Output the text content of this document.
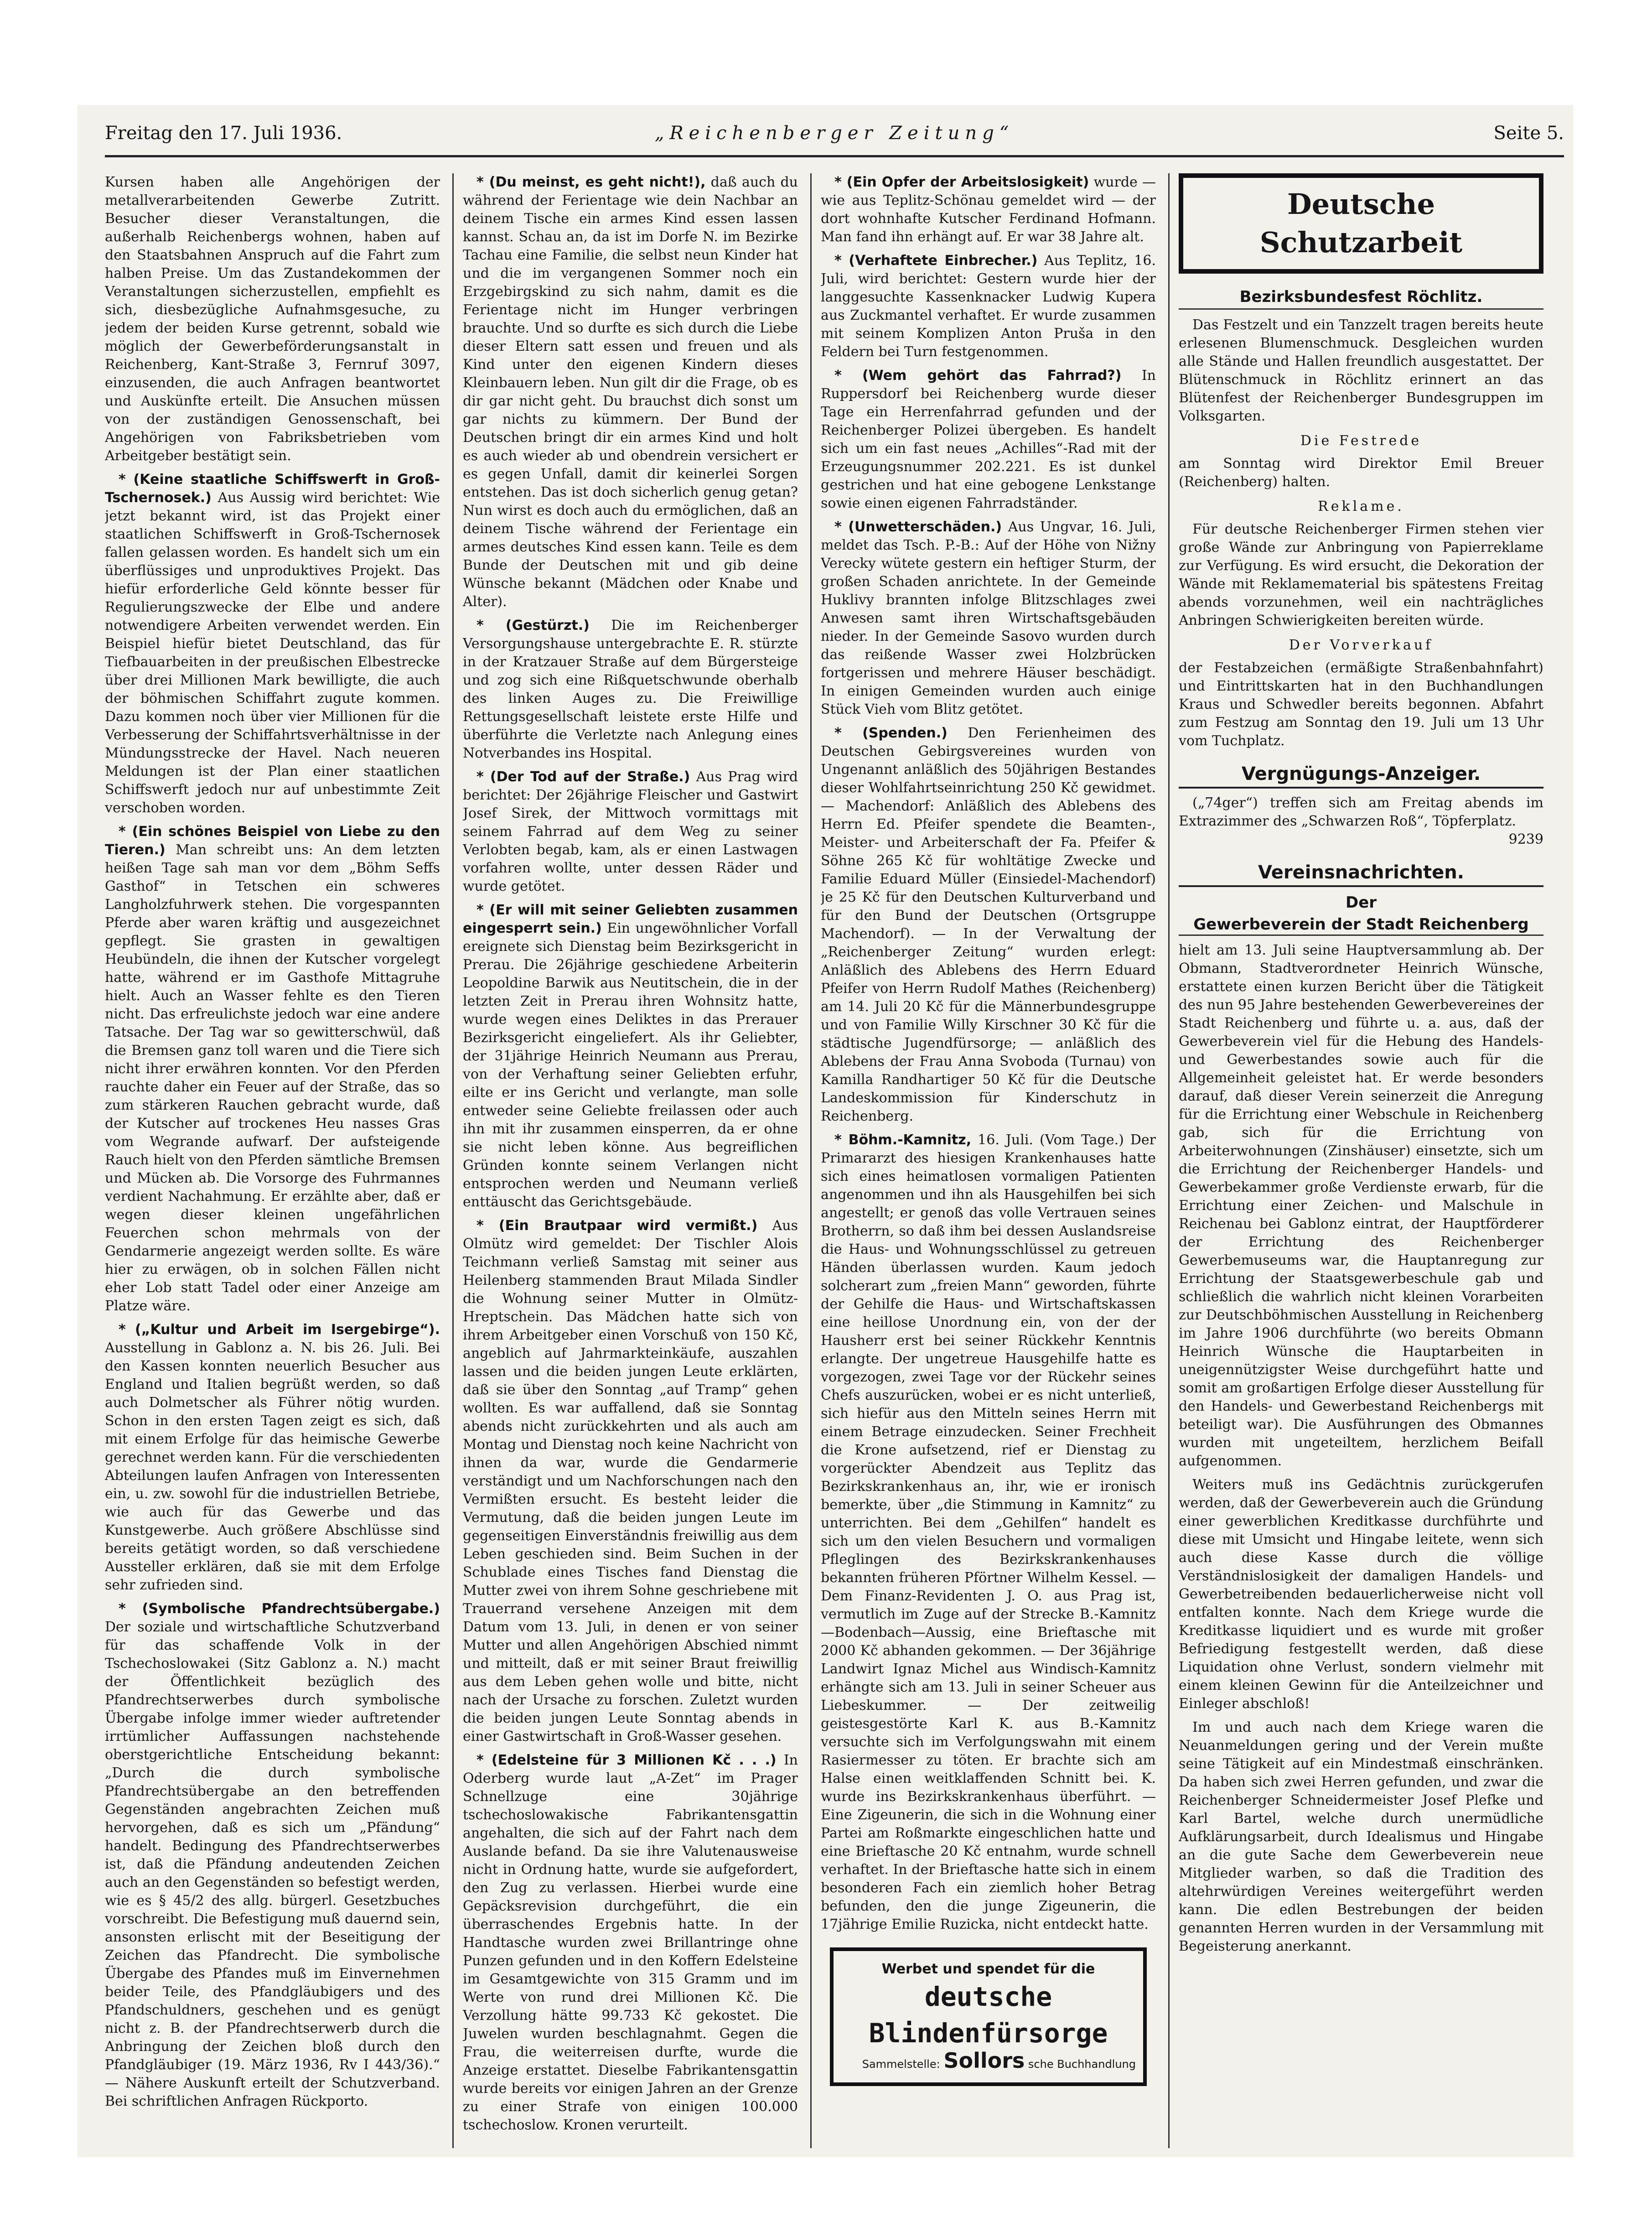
Freitag den 17. Juli 1936.	„Reichenberger Zeitung“	Seite 5.

Kursen haben alle Angehörigen der metallverarbeitenden Gewerbe Zutritt. Besucher dieser Veranstaltungen, die außerhalb Reichenbergs wohnen, haben auf den Staatsbahnen Anspruch auf die Fahrt zum halben Preise. Um das Zustandekommen der Veranstaltungen sicherzustellen, empfiehlt es sich, diesbezügliche Aufnahmsgesuche, zu jedem der beiden Kurse getrennt, sobald wie möglich der Gewerbeförderungsanstalt in Reichenberg, Kant-Straße 3, Fernruf 3097, einzusenden, die auch Anfragen beantwortet und Auskünfte erteilt. Die Ansuchen müssen von der zuständigen Genossenschaft, bei Angehörigen von Fabriksbetrieben vom Arbeitgeber bestätigt sein.

* (Keine staatliche Schiffswerft in Groß-Tschernosek.) Aus Aussig wird berichtet: Wie jetzt bekannt wird, ist das Projekt einer staatlichen Schiffswerft in Groß-Tschernosek fallen gelassen worden. Es handelt sich um ein überflüssiges und unproduktives Projekt. Das hiefür erforderliche Geld könnte besser für Regulierungszwecke der Elbe und andere notwendigere Arbeiten verwendet werden. Ein Beispiel hiefür bietet Deutschland, das für Tiefbauarbeiten in der preußischen Elbestrecke über drei Millionen Mark bewilligte, die auch der böhmischen Schiffahrt zugute kommen. Dazu kommen noch über vier Millionen für die Verbesserung der Schiffahrtsverhältnisse in der Mündungsstrecke der Havel. Nach neueren Meldungen ist der Plan einer staatlichen Schiffswerft jedoch nur auf unbestimmte Zeit verschoben worden.

* (Ein schönes Beispiel von Liebe zu den Tieren.) Man schreibt uns: An dem letzten heißen Tage sah man vor dem „Böhm Seffs Gasthof“ in Tetschen ein schweres Langholzfuhrwerk stehen. Die vorgespannten Pferde aber waren kräftig und ausgezeichnet gepflegt. Sie grasten in gewaltigen Heubündeln, die ihnen der Kutscher vorgelegt hatte, während er im Gasthofe Mittagruhe hielt. Auch an Wasser fehlte es den Tieren nicht. Das erfreulichste jedoch war eine andere Tatsache. Der Tag war so gewitterschwül, daß die Bremsen ganz toll waren und die Tiere sich nicht ihrer erwähren konnten. Vor den Pferden rauchte daher ein Feuer auf der Straße, das so zum stärkeren Rauchen gebracht wurde, daß der Kutscher auf trockenes Heu nasses Gras vom Wegrande aufwarf. Der aufsteigende Rauch hielt von den Pferden sämtliche Bremsen und Mücken ab. Die Vorsorge des Fuhrmannes verdient Nachahmung. Er erzählte aber, daß er wegen dieser kleinen ungefährlichen Feuerchen schon mehrmals von der Gendarmerie angezeigt werden sollte. Es wäre hier zu erwägen, ob in solchen Fällen nicht eher Lob statt Tadel oder einer Anzeige am Platze wäre.

* („Kultur und Arbeit im Isergebirge“). Ausstellung in Gablonz a. N. bis 26. Juli. Bei den Kassen konnten neuerlich Besucher aus England und Italien begrüßt werden, so daß auch Dolmetscher als Führer nötig wurden. Schon in den ersten Tagen zeigt es sich, daß mit einem Erfolge für das heimische Gewerbe gerechnet werden kann. Für die verschiedenten Abteilungen laufen Anfragen von Interessenten ein, u. zw. sowohl für die industriellen Betriebe, wie auch für das Gewerbe und das Kunstgewerbe. Auch größere Abschlüsse sind bereits getätigt worden, so daß verschiedene Aussteller erklären, daß sie mit dem Erfolge sehr zufrieden sind.

* (Symbolische Pfandrechtsübergabe.) Der soziale und wirtschaftliche Schutzverband für das schaffende Volk in der Tschechoslowakei (Sitz Gablonz a. N.) macht der Öffentlichkeit bezüglich des Pfandrechtserwerbes durch symbolische Übergabe infolge immer wieder auftretender irrtümlicher Auffassungen nachstehende oberstgerichtliche Entscheidung bekannt: „Durch die durch symbolische Pfandrechtsübergabe an den betreffenden Gegenständen angebrachten Zeichen muß hervorgehen, daß es sich um „Pfändung“ handelt. Bedingung des Pfandrechtserwerbes ist, daß die Pfändung andeutenden Zeichen auch an den Gegenständen so befestigt werden, wie es § 45/2 des allg. bürgerl. Gesetzbuches vorschreibt. Die Befestigung muß dauernd sein, ansonsten erlischt mit der Beseitigung der Zeichen das Pfandrecht. Die symbolische Übergabe des Pfandes muß im Einvernehmen beider Teile, des Pfandgläubigers und des Pfandschuldners, geschehen und es genügt nicht z. B. der Pfandrechtserwerb durch die Anbringung der Zeichen bloß durch den Pfandgläubiger (19. März 1936, Rv I 443/36).“ — Nähere Auskunft erteilt der Schutzverband. Bei schriftlichen Anfragen Rückporto.

* (Du meinst, es geht nicht!), daß auch du während der Ferientage wie dein Nachbar an deinem Tische ein armes Kind essen lassen kannst. Schau an, da ist im Dorfe N. im Bezirke Tachau eine Familie, die selbst neun Kinder hat und die im vergangenen Sommer noch ein Erzgebirgskind zu sich nahm, damit es die Ferientage nicht im Hunger verbringen brauchte. Und so durfte es sich durch die Liebe dieser Eltern satt essen und freuen und als Kind unter den eigenen Kindern dieses Kleinbauern leben. Nun gilt dir die Frage, ob es dir gar nicht geht. Du brauchst dich sonst um gar nichts zu kümmern. Der Bund der Deutschen bringt dir ein armes Kind und holt es auch wieder ab und obendrein versichert er es gegen Unfall, damit dir keinerlei Sorgen entstehen. Das ist doch sicherlich genug getan? Nun wirst es doch auch du ermöglichen, daß an deinem Tische während der Ferientage ein armes deutsches Kind essen kann. Teile es dem Bunde der Deutschen mit und gib deine Wünsche bekannt (Mädchen oder Knabe und Alter).

* (Gestürzt.) Die im Reichenberger Versorgungshause untergebrachte E. R. stürzte in der Kratzauer Straße auf dem Bürgersteige und zog sich eine Rißquetschwunde oberhalb des linken Auges zu. Die Freiwillige Rettungsgesellschaft leistete erste Hilfe und überführte die Verletzte nach Anlegung eines Notverbandes ins Hospital.

* (Der Tod auf der Straße.) Aus Prag wird berichtet: Der 26jährige Fleischer und Gastwirt Josef Sirek, der Mittwoch vormittags mit seinem Fahrrad auf dem Weg zu seiner Verlobten begab, kam, als er einen Lastwagen vorfahren wollte, unter dessen Räder und wurde getötet.

* (Er will mit seiner Geliebten zusammen eingesperrt sein.) Ein ungewöhnlicher Vorfall ereignete sich Dienstag beim Bezirksgericht in Prerau. Die 26jährige geschiedene Arbeiterin Leopoldine Barwik aus Neutitschein, die in der letzten Zeit in Prerau ihren Wohnsitz hatte, wurde wegen eines Deliktes in das Prerauer Bezirksgericht eingeliefert. Als ihr Geliebter, der 31jährige Heinrich Neumann aus Prerau, von der Verhaftung seiner Geliebten erfuhr, eilte er ins Gericht und verlangte, man solle entweder seine Geliebte freilassen oder auch ihn mit ihr zusammen einsperren, da er ohne sie nicht leben könne. Aus begreiflichen Gründen konnte seinem Verlangen nicht entsprochen werden und Neumann verließ enttäuscht das Gerichtsgebäude.

* (Ein Brautpaar wird vermißt.) Aus Olmütz wird gemeldet: Der Tischler Alois Teichmann verließ Samstag mit seiner aus Heilenberg stammenden Braut Milada Sindler die Wohnung seiner Mutter in Olmütz-Hreptschein. Das Mädchen hatte sich von ihrem Arbeitgeber einen Vorschuß von 150 Kč, angeblich auf Jahrmarkteinkäufe, auszahlen lassen und die beiden jungen Leute erklärten, daß sie über den Sonntag „auf Tramp“ gehen wollten. Es war auffallend, daß sie Sonntag abends nicht zurückkehrten und als auch am Montag und Dienstag noch keine Nachricht von ihnen da war, wurde die Gendarmerie verständigt und um Nachforschungen nach den Vermißten ersucht. Es besteht leider die Vermutung, daß die beiden jungen Leute im gegenseitigen Einverständnis freiwillig aus dem Leben geschieden sind. Beim Suchen in der Schublade eines Tisches fand Dienstag die Mutter zwei von ihrem Sohne geschriebene mit Trauerrand versehene Anzeigen mit dem Datum vom 13. Juli, in denen er von seiner Mutter und allen Angehörigen Abschied nimmt und mitteilt, daß er mit seiner Braut freiwillig aus dem Leben gehen wolle und bitte, nicht nach der Ursache zu forschen. Zuletzt wurden die beiden jungen Leute Sonntag abends in einer Gastwirtschaft in Groß-Wasser gesehen.

* (Edelsteine für 3 Millionen Kč . . .) In Oderberg wurde laut „A-Zet“ im Prager Schnellzuge eine 30jährige tschechoslowakische Fabrikantensgattin angehalten, die sich auf der Fahrt nach dem Auslande befand. Da sie ihre Valutenausweise nicht in Ordnung hatte, wurde sie aufgefordert, den Zug zu verlassen. Hierbei wurde eine Gepäcksrevision durchgeführt, die ein überraschendes Ergebnis hatte. In der Handtasche wurden zwei Brillantringe ohne Punzen gefunden und in den Koffern Edelsteine im Gesamtgewichte von 315 Gramm und im Werte von rund drei Millionen Kč. Die Verzollung hätte 99.733 Kč gekostet. Die Juwelen wurden beschlagnahmt. Gegen die Frau, die weiterreisen durfte, wurde die Anzeige erstattet. Dieselbe Fabrikantensgattin wurde bereits vor einigen Jahren an der Grenze zu einer Strafe von einigen 100.000 tschechoslow. Kronen verurteilt.

* (Ein Opfer der Arbeitslosigkeit) wurde — wie aus Teplitz-Schönau gemeldet wird — der dort wohnhafte Kutscher Ferdinand Hofmann. Man fand ihn erhängt auf. Er war 38 Jahre alt.

* (Verhaftete Einbrecher.) Aus Teplitz, 16. Juli, wird berichtet: Gestern wurde hier der langgesuchte Kassenknacker Ludwig Kupera aus Zuckmantel verhaftet. Er wurde zusammen mit seinem Komplizen Anton Pruša in den Feldern bei Turn festgenommen.

* (Wem gehört das Fahrrad?) In Ruppersdorf bei Reichenberg wurde dieser Tage ein Herrenfahrrad gefunden und der Reichenberger Polizei übergeben. Es handelt sich um ein fast neues „Achilles“-Rad mit der Erzeugungsnummer 202.221. Es ist dunkel gestrichen und hat eine gebogene Lenkstange sowie einen eigenen Fahrradständer.

* (Unwetterschäden.) Aus Ungvar, 16. Juli, meldet das Tsch. P.-B.: Auf der Höhe von Nižny Verecky wütete gestern ein heftiger Sturm, der großen Schaden anrichtete. In der Gemeinde Huklivy brannten infolge Blitzschlages zwei Anwesen samt ihren Wirtschaftsgebäuden nieder. In der Gemeinde Sasovo wurden durch das reißende Wasser zwei Holzbrücken fortgerissen und mehrere Häuser beschädigt. In einigen Gemeinden wurden auch einige Stück Vieh vom Blitz getötet.

* (Spenden.) Den Ferienheimen des Deutschen Gebirgsvereines wurden von Ungenannt anläßlich des 50jährigen Bestandes dieser Wohlfahrtseinrichtung 250 Kč gewidmet. — Machendorf: Anläßlich des Ablebens des Herrn Ed. Pfeifer spendete die Beamten-, Meister- und Arbeiterschaft der Fa. Pfeifer & Söhne 265 Kč für wohltätige Zwecke und Familie Eduard Müller (Einsiedel-Machendorf) je 25 Kč für den Deutschen Kulturverband und für den Bund der Deutschen (Ortsgruppe Machendorf). — In der Verwaltung der „Reichenberger Zeitung“ wurden erlegt: Anläßlich des Ablebens des Herrn Eduard Pfeifer von Herrn Rudolf Mathes (Reichenberg) am 14. Juli 20 Kč für die Männerbundesgruppe und von Familie Willy Kirschner 30 Kč für die städtische Jugendfürsorge; — anläßlich des Ablebens der Frau Anna Svoboda (Turnau) von Kamilla Randhartiger 50 Kč für die Deutsche Landeskommission für Kinderschutz in Reichenberg.

* Böhm.-Kamnitz, 16. Juli. (Vom Tage.) Der Primararzt des hiesigen Krankenhauses hatte sich eines heimatlosen vormaligen Patienten angenommen und ihn als Hausgehilfen bei sich angestellt; er genoß das volle Vertrauen seines Brotherrn, so daß ihm bei dessen Auslandsreise die Haus- und Wohnungsschlüssel zu getreuen Händen überlassen wurden. Kaum jedoch solcherart zum „freien Mann“ geworden, führte der Gehilfe die Haus- und Wirtschaftskassen eine heillose Unordnung ein, von der der Hausherr erst bei seiner Rückkehr Kenntnis erlangte. Der ungetreue Hausgehilfe hatte es vorgezogen, zwei Tage vor der Rückehr seines Chefs auszurücken, wobei er es nicht unterließ, sich hiefür aus den Mitteln seines Herrn mit einem Betrage einzudecken. Seiner Frechheit die Krone aufsetzend, rief er Dienstag zu vorgerückter Abendzeit aus Teplitz das Bezirkskrankenhaus an, ihr, wie er ironisch bemerkte, über „die Stimmung in Kamnitz“ zu unterrichten. Bei dem „Gehilfen“ handelt es sich um den vielen Besuchern und vormaligen Pfleglingen des Bezirkskrankenhauses bekannten früheren Pförtner Wilhelm Kessel. — Dem Finanz-Revidenten J. O. aus Prag ist, vermutlich im Zuge auf der Strecke B.-Kamnitz —Bodenbach—Aussig, eine Brieftasche mit 2000 Kč abhanden gekommen. — Der 36jährige Landwirt Ignaz Michel aus Windisch-Kamnitz erhängte sich am 13. Juli in seiner Scheuer aus Liebeskummer. — Der zeitweilig geistesgestörte Karl K. aus B.-Kamnitz versuchte sich im Verfolgungswahn mit einem Rasiermesser zu töten. Er brachte sich am Halse einen weitklaffenden Schnitt bei. K. wurde ins Bezirkskrankenhaus überführt. — Eine Zigeunerin, die sich in die Wohnung einer Partei am Roßmarkte eingeschlichen hatte und eine Brieftasche 20 Kč entnahm, wurde schnell verhaftet. In der Brieftasche hatte sich in einem besonderen Fach ein ziemlich hoher Betrag befunden, den die junge Zigeunerin, die 17jährige Emilie Ruzicka, nicht entdeckt hatte.

Werbet und spendet für die
deutsche Blindenfürsorge
Sammelstelle: Sollors sche Buchhandlung
Deutsche Schutzarbeit
Bezirksbundesfest Röchlitz.

Das Festzelt und ein Tanzzelt tragen bereits heute erlesenen Blumenschmuck. Desgleichen wurden alle Stände und Hallen freundlich ausgestattet. Der Blütenschmuck in Röchlitz erinnert an das Blütenfest der Reichenberger Bundesgruppen im Volksgarten.

Die Festrede

am Sonntag wird Direktor Emil Breuer (Reichenberg) halten.

Reklame.

Für deutsche Reichenberger Firmen stehen vier große Wände zur Anbringung von Papierreklame zur Verfügung. Es wird ersucht, die Dekoration der Wände mit Reklamematerial bis spätestens Freitag abends vorzunehmen, weil ein nachträgliches Anbringen Schwierigkeiten bereiten würde.

Der Vorverkauf

der Festabzeichen (ermäßigte Straßenbahnfahrt) und Eintrittskarten hat in den Buchhandlungen Kraus und Schwedler bereits begonnen. Abfahrt zum Festzug am Sonntag den 19. Juli um 13 Uhr vom Tuchplatz.

Vergnügungs-Anzeiger.

(„74ger“) treffen sich am Freitag abends im Extrazimmer des „Schwarzen Roß“, Töpferplatz.

9239
Vereinsnachrichten.
Der
Gewerbeverein der Stadt Reichenberg

hielt am 13. Juli seine Hauptversammlung ab. Der Obmann, Stadtverordneter Heinrich Wünsche, erstattete einen kurzen Bericht über die Tätigkeit des nun 95 Jahre bestehenden Gewerbevereines der Stadt Reichenberg und führte u. a. aus, daß der Gewerbeverein viel für die Hebung des Handels- und Gewerbestandes sowie auch für die Allgemeinheit geleistet hat. Er werde besonders darauf, daß dieser Verein seinerzeit die Anregung für die Errichtung einer Webschule in Reichenberg gab, sich für die Errichtung von Arbeiterwohnungen (Zinshäuser) einsetzte, sich um die Errichtung der Reichenberger Handels- und Gewerbekammer große Verdienste erwarb, für die Errichtung einer Zeichen- und Malschule in Reichenau bei Gablonz eintrat, der Hauptförderer der Errichtung des Reichenberger Gewerbemuseums war, die Hauptanregung zur Errichtung der Staatsgewerbeschule gab und schließlich die wahrlich nicht kleinen Vorarbeiten zur Deutschböhmischen Ausstellung in Reichenberg im Jahre 1906 durchführte (wo bereits Obmann Heinrich Wünsche die Hauptarbeiten in uneigennützigster Weise durchgeführt hatte und somit am großartigen Erfolge dieser Ausstellung für den Handels- und Gewerbestand Reichenbergs mit beteiligt war). Die Ausführungen des Obmannes wurden mit ungeteiltem, herzlichem Beifall aufgenommen.

Weiters muß ins Gedächtnis zurückgerufen werden, daß der Gewerbeverein auch die Gründung einer gewerblichen Kreditkasse durchführte und diese mit Umsicht und Hingabe leitete, wenn sich auch diese Kasse durch die völlige Verständnislosigkeit der damaligen Handels- und Gewerbetreibenden bedauerlicherweise nicht voll entfalten konnte. Nach dem Kriege wurde die Kreditkasse liquidiert und es wurde mit großer Befriedigung festgestellt werden, daß diese Liquidation ohne Verlust, sondern vielmehr mit einem kleinen Gewinn für die Anteilzeichner und Einleger abschloß!

Im und auch nach dem Kriege waren die Neuanmeldungen gering und der Verein mußte seine Tätigkeit auf ein Mindestmaß einschränken. Da haben sich zwei Herren gefunden, und zwar die Reichenberger Schneidermeister Josef Plefke und Karl Bartel, welche durch unermüdliche Aufklärungsarbeit, durch Idealismus und Hingabe an die gute Sache dem Gewerbeverein neue Mitglieder warben, so daß die Tradition des altehrwürdigen Vereines weitergeführt werden kann. Die edlen Bestrebungen der beiden genannten Herren wurden in der Versammlung mit Begeisterung anerkannt.
